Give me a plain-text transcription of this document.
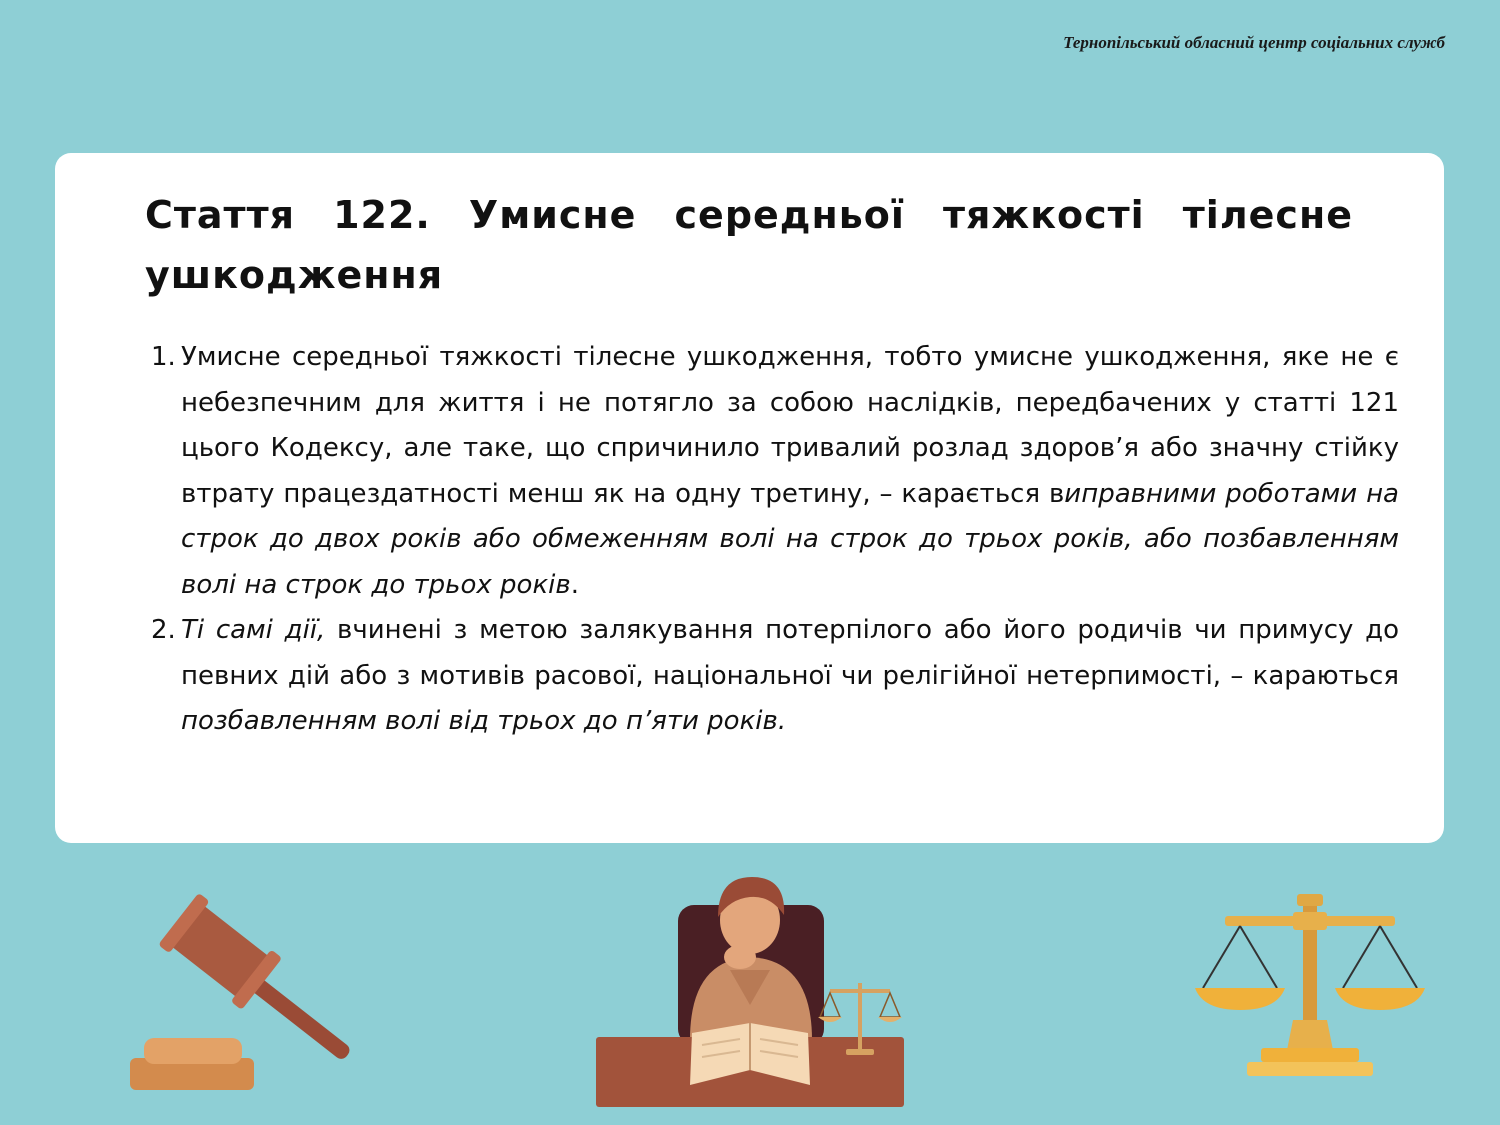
Тернопільський обласний центр соціальних служб
Стаття 122. Умисне середньої тяжкості тілесне ушкодження
1. Умисне середньої тяжкості тілесне ушкодження, тобто умисне ушкодження, яке не є небезпечним для життя і не потягло за собою наслідків, передбачених у статті 121 цього Кодексу, але таке, що спричинило тривалий розлад здоров’я або значну стійку втрату працездатності менш як на одну третину, – карається виправними роботами на строк до двох років або обмеженням волі на строк до трьох років, або позбавленням волі на строк до трьох років.
2. Ті самі дії, вчинені з метою залякування потерпілого або його родичів чи примусу до певних дій або з мотивів расової, національної чи релігійної нетерпимості, – караються позбавленням волі від трьох до п’яти років.
